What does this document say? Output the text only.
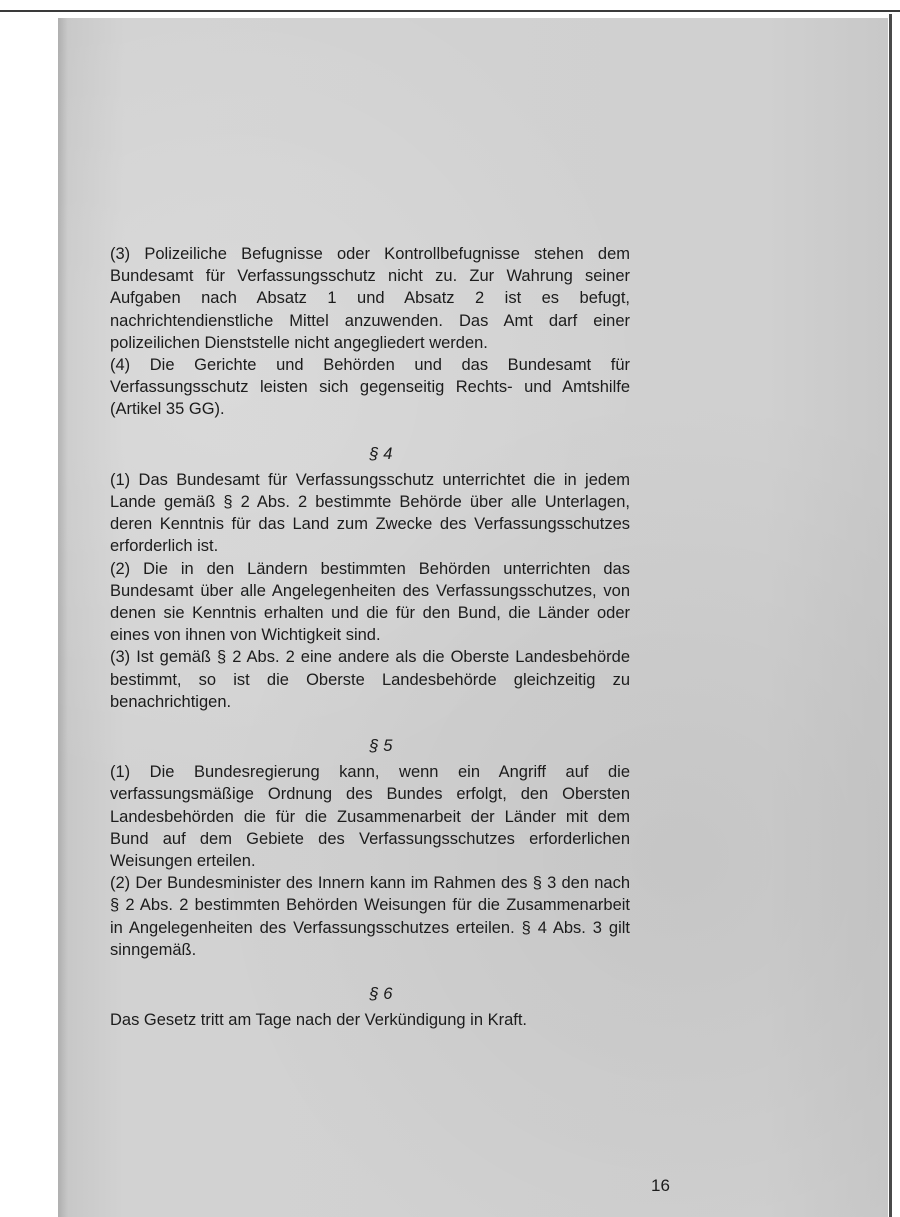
(3) Polizeiliche Befugnisse oder Kontrollbefugnisse stehen dem Bundesamt für Verfassungsschutz nicht zu. Zur Wahrung seiner Aufgaben nach Absatz 1 und Absatz 2 ist es befugt, nachrichtendienstliche Mittel anzuwenden. Das Amt darf einer polizeilichen Dienststelle nicht angegliedert werden.

(4) Die Gerichte und Behörden und das Bundesamt für Verfassungsschutz leisten sich gegenseitig Rechts- und Amtshilfe (Artikel 35 GG).

§ 4

(1) Das Bundesamt für Verfassungsschutz unterrichtet die in jedem Lande gemäß § 2 Abs. 2 bestimmte Behörde über alle Unterlagen, deren Kenntnis für das Land zum Zwecke des Verfassungsschutzes erforderlich ist.

(2) Die in den Ländern bestimmten Behörden unterrichten das Bundesamt über alle Angelegenheiten des Verfassungsschutzes, von denen sie Kenntnis erhalten und die für den Bund, die Länder oder eines von ihnen von Wichtigkeit sind.

(3) Ist gemäß § 2 Abs. 2 eine andere als die Oberste Landesbehörde bestimmt, so ist die Oberste Landesbehörde gleichzeitig zu benachrichtigen.

§ 5

(1) Die Bundesregierung kann, wenn ein Angriff auf die verfassungsmäßige Ordnung des Bundes erfolgt, den Obersten Landesbehörden die für die Zusammenarbeit der Länder mit dem Bund auf dem Gebiete des Verfassungsschutzes erforderlichen Weisungen erteilen.

(2) Der Bundesminister des Innern kann im Rahmen des § 3 den nach § 2 Abs. 2 bestimmten Behörden Weisungen für die Zusammenarbeit in Angelegenheiten des Verfassungsschutzes erteilen. § 4 Abs. 3 gilt sinngemäß.

§ 6

Das Gesetz tritt am Tage nach der Verkündigung in Kraft.

16
